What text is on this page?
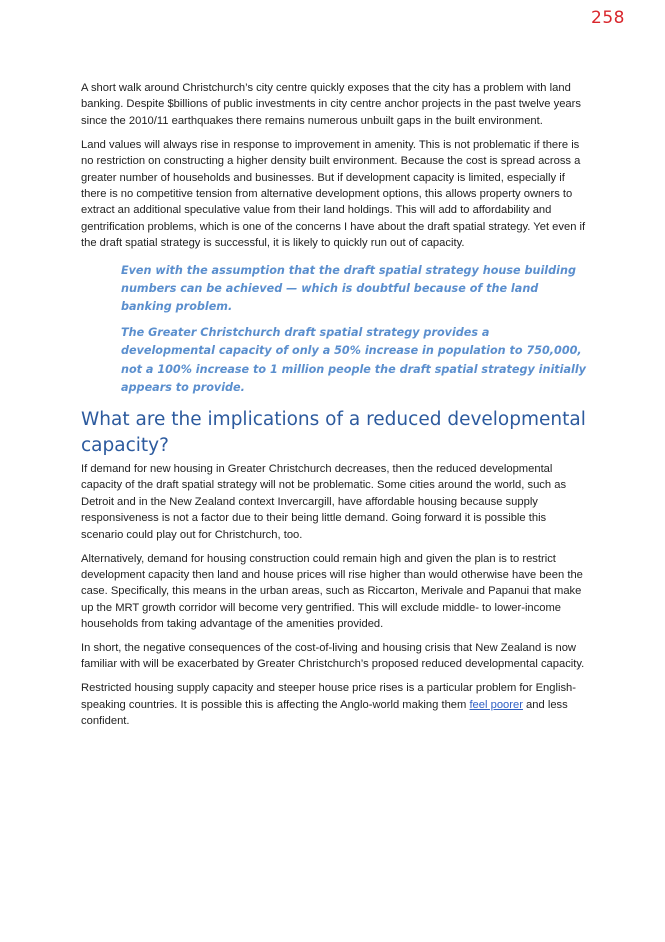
258

A short walk around Christchurch’s city centre quickly exposes that the city has a problem with land banking. Despite $billions of public investments in city centre anchor projects in the past twelve years since the 2010/11 earthquakes there remains numerous unbuilt gaps in the built environment.

Land values will always rise in response to improvement in amenity. This is not problematic if there is no restriction on constructing a higher density built environment. Because the cost is spread across a greater number of households and businesses. But if development capacity is limited, especially if there is no competitive tension from alternative development options, this allows property owners to extract an additional speculative value from their land holdings. This will add to affordability and gentrification problems, which is one of the concerns I have about the draft spatial strategy. Yet even if the draft spatial strategy is successful, it is likely to quickly run out of capacity.

Even with the assumption that the draft spatial strategy house building numbers can be achieved — which is doubtful because of the land banking problem.

The Greater Christchurch draft spatial strategy provides a developmental capacity of only a 50% increase in population to 750,000, not a 100% increase to 1 million people the draft spatial strategy initially appears to provide.

What are the implications of a reduced developmental capacity?

If demand for new housing in Greater Christchurch decreases, then the reduced developmental capacity of the draft spatial strategy will not be problematic. Some cities around the world, such as Detroit and in the New Zealand context Invercargill, have affordable housing because supply responsiveness is not a factor due to their being little demand. Going forward it is possible this scenario could play out for Christchurch, too.

Alternatively, demand for housing construction could remain high and given the plan is to restrict development capacity then land and house prices will rise higher than would otherwise have been the case. Specifically, this means in the urban areas, such as Riccarton, Merivale and Papanui that make up the MRT growth corridor will become very gentrified. This will exclude middle- to lower-income households from taking advantage of the amenities provided.

In short, the negative consequences of the cost-of-living and housing crisis that New Zealand is now familiar with will be exacerbated by Greater Christchurch’s proposed reduced developmental capacity.

Restricted housing supply capacity and steeper house price rises is a particular problem for English-speaking countries. It is possible this is affecting the Anglo-world making them feel poorer and less confident.
